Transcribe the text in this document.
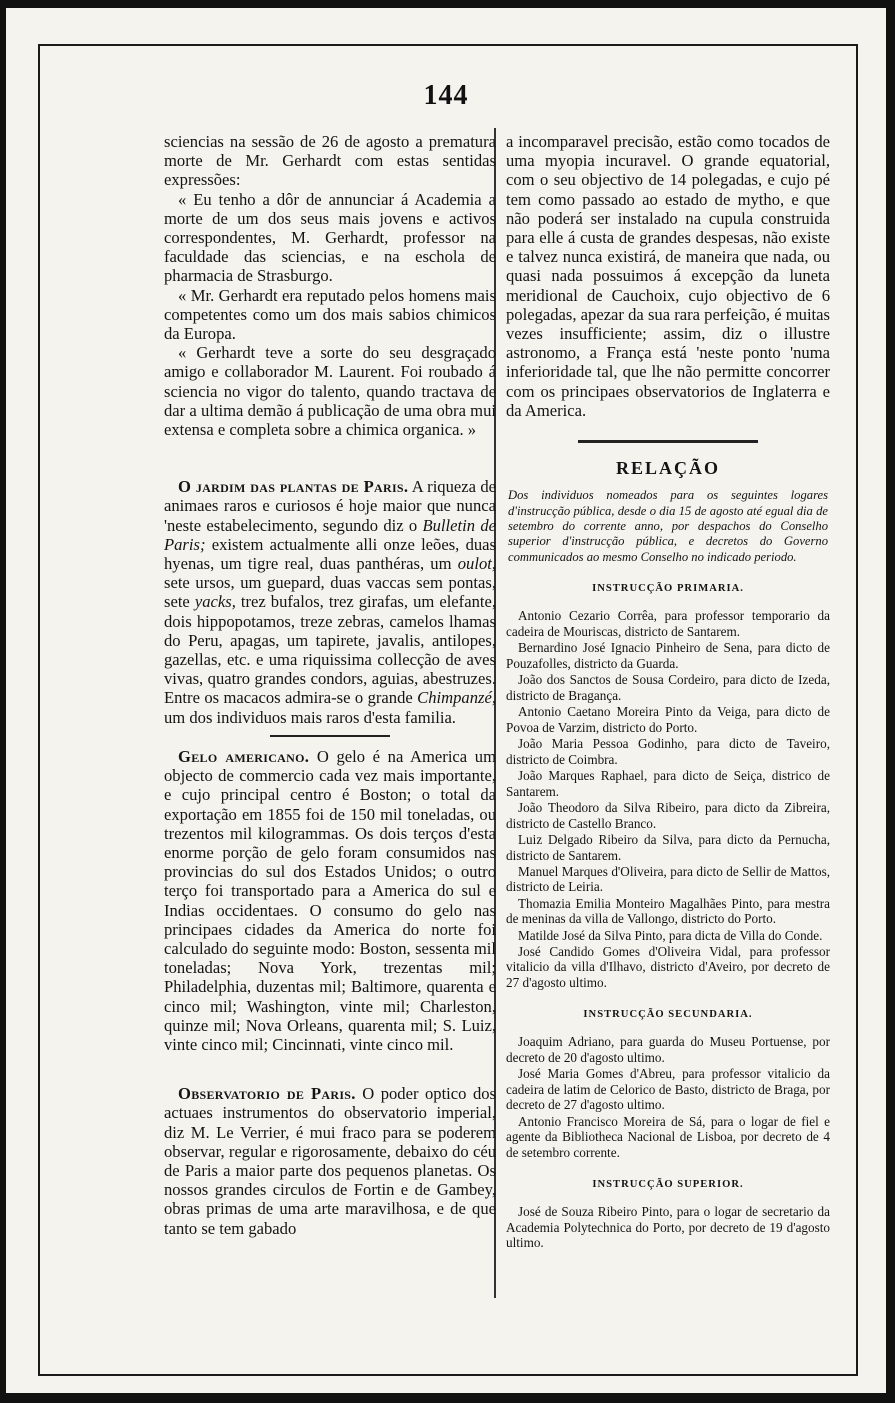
144

sciencias na sessão de 26 de agosto a prematura morte de Mr. Gerhardt com estas sentidas expressões:

« Eu tenho a dôr de annunciar á Academia a morte de um dos seus mais jovens e activos correspondentes, M. Gerhardt, professor na faculdade das sciencias, e na eschola de pharmacia de Strasburgo.

« Mr. Gerhardt era reputado pelos homens mais competentes como um dos mais sabios chimicos da Europa.

« Gerhardt teve a sorte do seu desgraçado amigo e collaborador M. Laurent. Foi roubado á sciencia no vigor do talento, quando tractava de dar a ultima demão á publicação de uma obra mui extensa e completa sobre a chimica organica. »

O jardim das plantas de Paris. A riqueza de animaes raros e curiosos é hoje maior que nunca 'neste estabelecimento, segundo diz o Bulletin de Paris; existem actualmente alli onze leões, duas hyenas, um tigre real, duas panthéras, um oulot, sete ursos, um guepard, duas vaccas sem pontas, sete yacks, trez bufalos, trez girafas, um elefante, dois hippopotamos, treze zebras, camelos lhamas do Peru, apagas, um tapirete, javalis, antilopes, gazellas, etc. e uma riquissima collecção de aves vivas, quatro grandes condors, aguias, abestruzes. Entre os macacos admira-se o grande Chimpanzé, um dos individuos mais raros d'esta familia.

Gelo americano. O gelo é na America um objecto de commercio cada vez mais importante, e cujo principal centro é Boston; o total da exportação em 1855 foi de 150 mil toneladas, ou trezentos mil kilogrammas. Os dois terços d'esta enorme porção de gelo foram consumidos nas provincias do sul dos Estados Unidos; o outro terço foi transportado para a America do sul e Indias occidentaes. O consumo do gelo nas principaes cidades da America do norte foi calculado do seguinte modo: Boston, sessenta mil toneladas; Nova York, trezentas mil; Philadelphia, duzentas mil; Baltimore, quarenta e cinco mil; Washington, vinte mil; Charleston, quinze mil; Nova Orleans, quarenta mil; S. Luiz, vinte cinco mil; Cincinnati, vinte cinco mil.

Observatorio de Paris. O poder optico dos actuaes instrumentos do observatorio imperial, diz M. Le Verrier, é mui fraco para se poderem observar, regular e rigorosamente, debaixo do céu de Paris a maior parte dos pequenos planetas. Os nossos grandes circulos de Fortin e de Gambey, obras primas de uma arte maravilhosa, e de que tanto se tem gabado

a incomparavel precisão, estão como tocados de uma myopia incuravel. O grande equatorial, com o seu objectivo de 14 polegadas, e cujo pé tem como passado ao estado de mytho, e que não poderá ser instalado na cupula construida para elle á custa de grandes despesas, não existe e talvez nunca existirá, de maneira que nada, ou quasi nada possuimos á excepção da luneta meridional de Cauchoix, cujo objectivo de 6 polegadas, apezar da sua rara perfeição, é muitas vezes insufficiente; assim, diz o illustre astronomo, a França está 'neste ponto 'numa inferioridade tal, que lhe não permitte concorrer com os principaes observatorios de Inglaterra e da America.

RELAÇÃO

Dos individuos nomeados para os seguintes logares d'instrucção pública, desde o dia 15 de agosto até egual dia de setembro do corrente anno, por despachos do Conselho superior d'instrucção pública, e decretos do Governo communicados ao mesmo Conselho no indicado periodo.

INSTRUCÇÃO PRIMARIA.

Antonio Cezario Corrêa, para professor temporario da cadeira de Mouriscas, districto de Santarem.

Bernardino José Ignacio Pinheiro de Sena, para dicto de Pouzafolles, districto da Guarda.

João dos Sanctos de Sousa Cordeiro, para dicto de Izeda, districto de Bragança.

Antonio Caetano Moreira Pinto da Veiga, para dicto de Povoa de Varzim, districto do Porto.

João Maria Pessoa Godinho, para dicto de Taveiro, districto de Coimbra.

João Marques Raphael, para dicto de Seiça, districo de Santarem.

João Theodoro da Silva Ribeiro, para dicto da Zibreira, districto de Castello Branco.

Luiz Delgado Ribeiro da Silva, para dicto da Pernucha, districto de Santarem.

Manuel Marques d'Oliveira, para dicto de Sellir de Mattos, districto de Leiria.

Thomazia Emilia Monteiro Magalhães Pinto, para mestra de meninas da villa de Vallongo, districto do Porto.

Matilde José da Silva Pinto, para dicta de Villa do Conde.

José Candido Gomes d'Oliveira Vidal, para professor vitalicio da villa d'Ilhavo, districto d'Aveiro, por decreto de 27 d'agosto ultimo.

INSTRUCÇÃO SECUNDARIA.

Joaquim Adriano, para guarda do Museu Portuense, por decreto de 20 d'agosto ultimo.

José Maria Gomes d'Abreu, para professor vitalicio da cadeira de latim de Celorico de Basto, districto de Braga, por decreto de 27 d'agosto ultimo.

Antonio Francisco Moreira de Sá, para o logar de fiel e agente da Bibliotheca Nacional de Lisboa, por decreto de 4 de setembro corrente.

INSTRUCÇÃO SUPERIOR.

José de Souza Ribeiro Pinto, para o logar de secretario da Academia Polytechnica do Porto, por decreto de 19 d'agosto ultimo.
